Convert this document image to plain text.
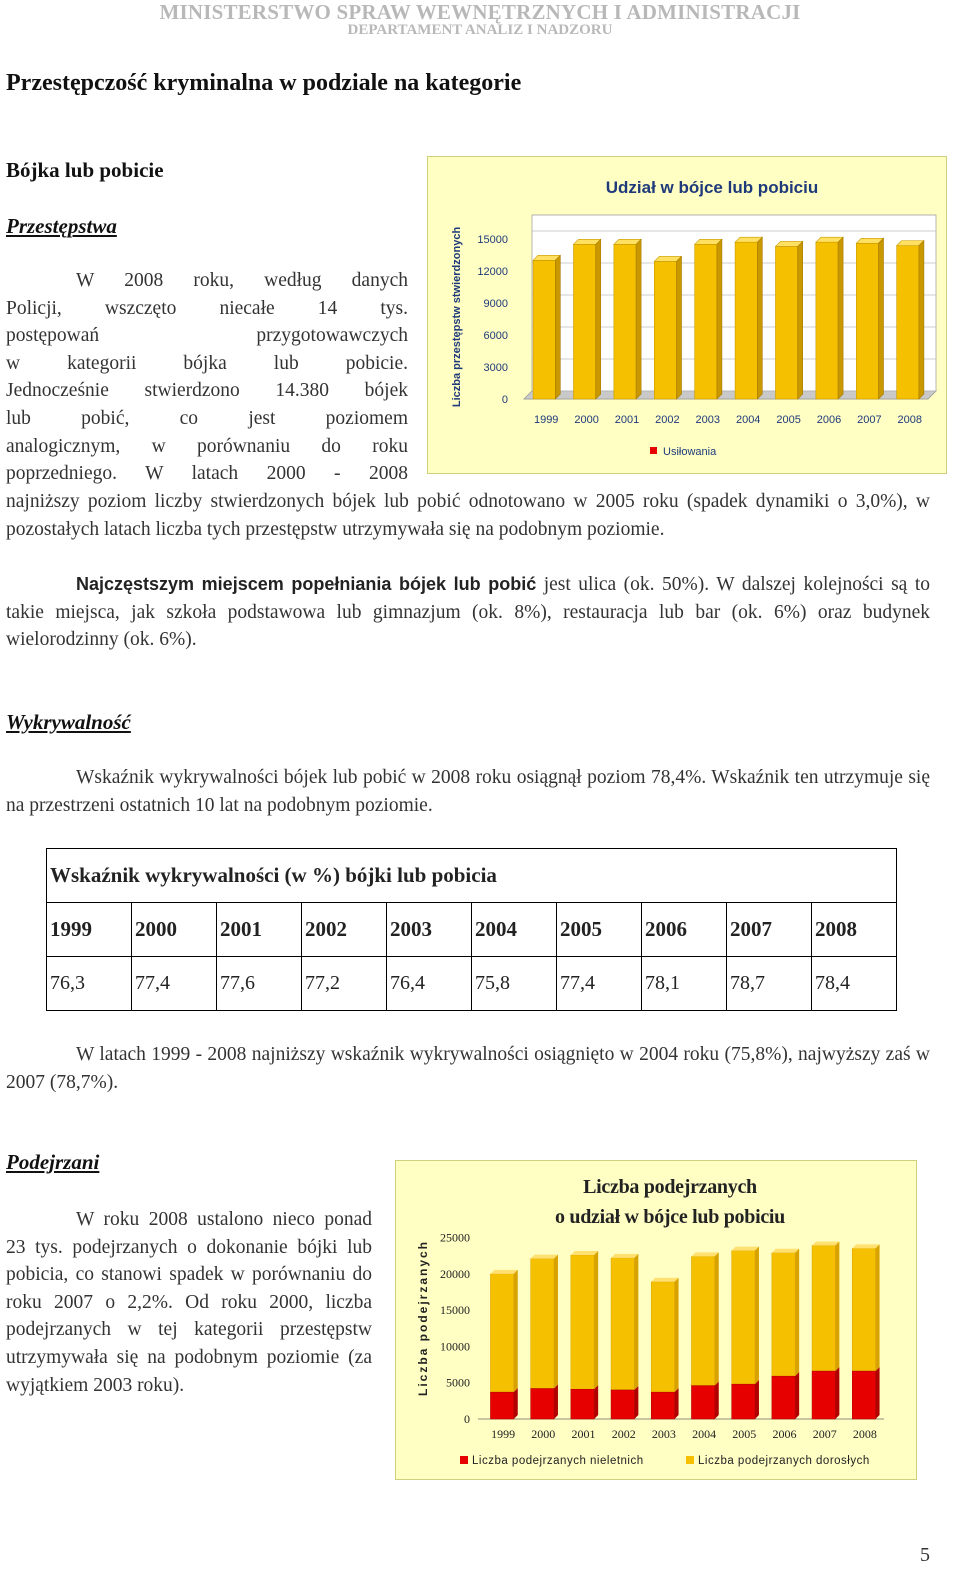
MINISTERSTWO SPRAW WEWNĘTRZNYCH I ADMINISTRACJI
DEPARTAMENT ANALIZ I NADZORU
Przestępczość kryminalna w podziale na kategorie
Bójka lub pobicie
Przestępstwa
W 2008 roku, według danych
Policji, wszczęto niecałe 14 tys.
postępowań przygotowawczych
w kategorii bójka lub pobicie.
Jednocześnie stwierdzono 14.380 bójek
lub pobić, co jest poziomem
analogicznym, w porównaniu do roku
poprzedniego. W latach 2000 - 2008

najniższy poziom liczby stwierdzonych bójek lub pobić odnotowano w 2005 roku (spadek dynamiki o 3,0%), w pozostałych latach liczba tych przestępstw utrzymywała się na podobnym poziomie.

Najczęstszym miejscem popełniania bójek lub pobić jest ulica (ok. 50%). W dalszej kolejności są to takie miejsca, jak szkoła podstawowa lub gimnazjum (ok. 8%), restauracja lub bar (ok. 6%) oraz budynek wielorodzinny (ok. 6%).

Udział w bójce lub pobiciu
Liczba przestępstw stwierdzonych 15000
12000
9000
6000
3000
0
1999 2000 2001 2002 2003 2004 2005 2006 2007 2008
Usiłowania
Wykrywalność

Wskaźnik wykrywalności bójek lub pobić w 2008 roku osiągnął poziom 78,4%. Wskaźnik ten utrzymuje się na przestrzeni ostatnich 10 lat na podobnym poziomie.

Wskaźnik wykrywalności (w %) bójki lub pobicia									
1999	2000	2001	2002	2003	2004	2005	2006	2007	2008
76,3	77,4	77,6	77,2	76,4	75,8	77,4	78,1	78,7	78,4

W latach 1999 - 2008 najniższy wskaźnik wykrywalności osiągnięto w 2004 roku (75,8%), najwyższy zaś w 2007 (78,7%).

Podejrzani

W roku 2008 ustalono nieco ponad 23 tys. podejrzanych o dokonanie bójki lub pobicia, co stanowi spadek w porównaniu do roku 2007 o 2,2%. Od roku 2000, liczba podejrzanych w tej kategorii przestępstw utrzymywała się na podobnym poziomie (za wyjątkiem 2003 roku).

Liczba podejrzanych
o udział w bójce lub pobiciu
Liczba podejrzanych
25000
20000
15000
10000
5000
0
1999 2000 2001 2002 2003 2004 2005 2006 2007 2008
Liczba podejrzanych nieletnich	Liczba podejrzanych dorosłych
5
